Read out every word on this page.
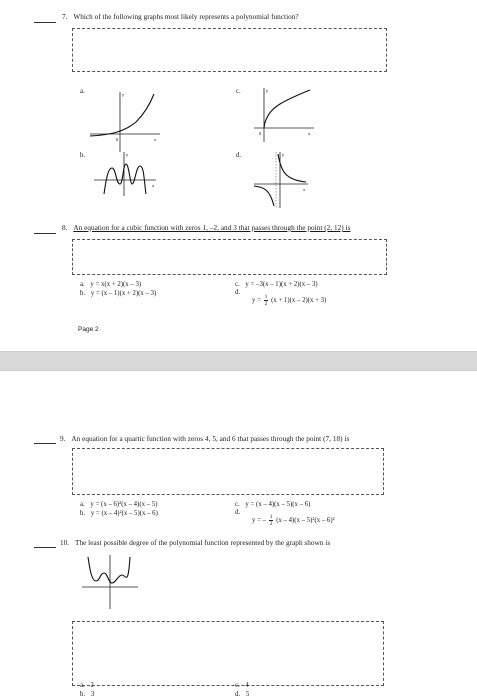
7. Which of the following graphs most likely represents a polynomial function?
a.	y
x
0
c.	y
x
0
b.	y
x
d.	y
x
8. An equation for a cubic function with zeros 1, –2, and 3 that passes through the point (2, 12) is
a. y = x(x + 2)(x – 3)
b. y = (x – 1)(x + 2)(x – 3)
c. y = –3(x – 1)(x + 2)(x – 3)
d.
$y = \frac{1}{2} (x + 1)(x - 2)(x + 3)$
Page 2
9. An equation for a quartic function with zeros 4, 5, and 6 that passes through the point (7, 18) is
a. y = (x – 6)²(x – 4)(x – 5)
b. y = (x – 4)²(x – 5)(x – 6)
c. y = (x – 4)(x – 5)(x – 6)
d.
y = – $\frac{1}{2} (x - 4)(x - 5)^2(x - 6)^2$
10. The least possible degree of the polynomial function represented by the graph shown is
a. 2
b. 3
c. 4
d. 5
